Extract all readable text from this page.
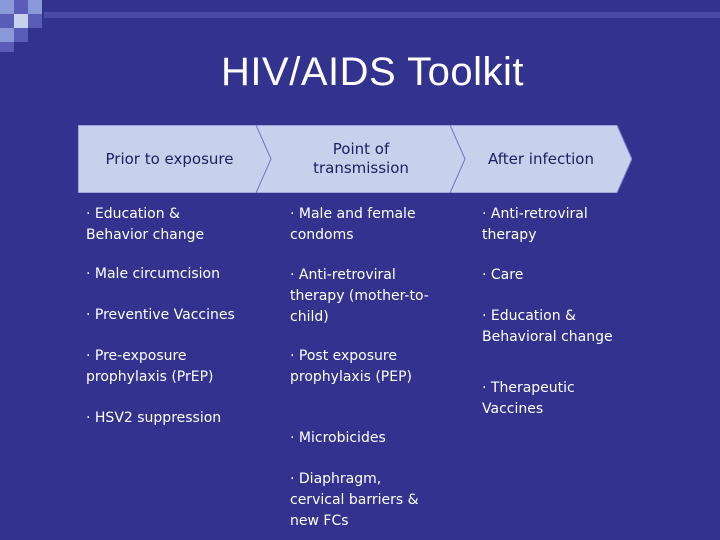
HIV/AIDS Toolkit
Prior to exposure
Point of
transmission
After infection
· Education &
Behavior change
· Male circumcision
· Preventive Vaccines
· Pre-exposure
prophylaxis (PrEP)
· HSV2 suppression
· Male and female
condoms
· Anti-retroviral
therapy (mother-to-
child)
· Post exposure
prophylaxis (PEP)
· Microbicides
· Diaphragm,
cervical barriers &
new FCs
· Anti-retroviral
therapy
· Care
· Education &
Behavioral change
· Therapeutic
Vaccines
